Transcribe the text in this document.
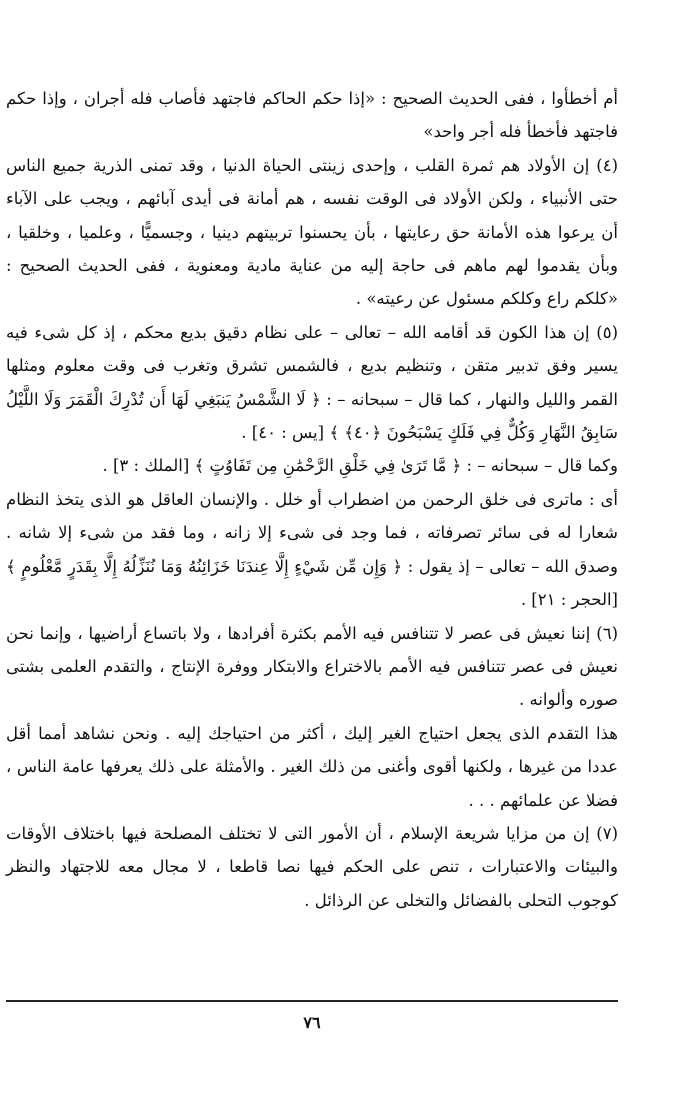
أم أخطأوا ، ففى الحديث الصحيح : «إذا حكم الحاكم فاجتهد فأصاب فله أجران ، وإذا حكم فاجتهد فأخطأ فله أجر واحد»

(٤) إن الأولاد هم ثمرة القلب ، وإحدى زينتى الحياة الدنيا ، وقد تمنى الذرية جميع الناس حتى الأنبياء ، ولكن الأولاد فى الوقت نفسه ، هم أمانة فى أيدى آبائهم ، ويجب على الآباء أن يرعوا هذه الأمانة حق رعايتها ، بأن يحسنوا تربيتهم دينيا ، وجسميًّا ، وعلميا ، وخلقيا ، وبأن يقدموا لهم ماهم فى حاجة إليه من عناية مادية ومعنوية ، ففى الحديث الصحيح : «كلكم راع وكلكم مسئول عن رعيته» .

(٥) إن هذا الكون قد أقامه الله – تعالى – على نظام دقيق بديع محكم ، إذ كل شىء فيه يسير وفق تدبير متقن ، وتنظيم بديع ، فالشمس تشرق وتغرب فى وقت معلوم ومثلها القمر والليل والنهار ، كما قال – سبحانه – : ﴿ لَا الشَّمْسُ يَنبَغِي لَهَا أَن تُدْرِكَ الْقَمَرَ وَلَا اللَّيْلُ سَابِقُ النَّهَارِ وَكُلٌّ فِي فَلَكٍ يَسْبَحُونَ ﴿٤٠﴾ ﴾ [يس : ٤٠] .

وكما قال – سبحانه – : ﴿ مَّا تَرَىٰ فِي خَلْقِ الرَّحْمَٰنِ مِن تَفَاوُتٍ ﴾ [الملك : ٣] .

أى : ماترى فى خلق الرحمن من اضطراب أو خلل . والإنسان العاقل هو الذى يتخذ النظام شعارا له فى سائر تصرفاته ، فما وجد فى شىء إلا زانه ، وما فقد من شىء إلا شانه . وصدق الله – تعالى – إذ يقول : ﴿ وَإِن مِّن شَيْءٍ إِلَّا عِندَنَا خَزَائِنُهُ وَمَا نُنَزِّلُهُ إِلَّا بِقَدَرٍ مَّعْلُومٍ ﴾ [الحجر : ٢١] .

(٦) إننا نعيش فى عصر لا تتنافس فيه الأمم بكثرة أفرادها ، ولا باتساع أراضيها ، وإنما نحن نعيش فى عصر تتنافس فيه الأمم بالاختراع والابتكار ووفرة الإنتاج ، والتقدم العلمى بشتى صوره وألوانه .

هذا التقدم الذى يجعل احتياج الغير إليك ، أكثر من احتياجك إليه . ونحن نشاهد أمما أقل عددا من غيرها ، ولكنها أقوى وأغنى من ذلك الغير . والأمثلة على ذلك يعرفها عامة الناس ، فضلا عن علمائهم . . .

(٧) إن من مزايا شريعة الإسلام ، أن الأمور التى لا تختلف المصلحة فيها باختلاف الأوقات والبيئات والاعتبارات ، تنص على الحكم فيها نصا قاطعا ، لا مجال معه للاجتهاد والنظر كوجوب التحلى بالفضائل والتخلى عن الرذائل .

٧٦
